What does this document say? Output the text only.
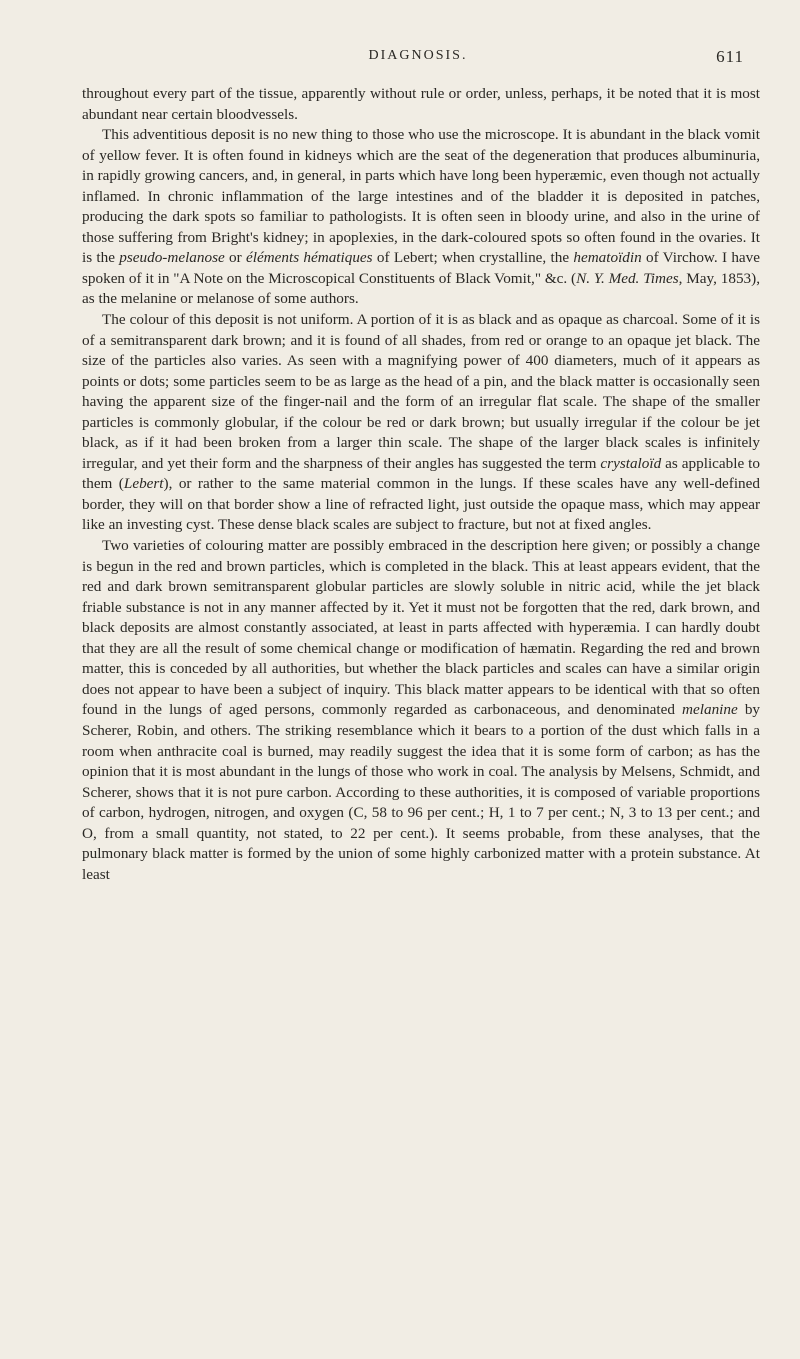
DIAGNOSIS.	611

throughout every part of the tissue, apparently without rule or order, unless, perhaps, it be noted that it is most abundant near certain bloodvessels.

This adventitious deposit is no new thing to those who use the microscope. It is abundant in the black vomit of yellow fever. It is often found in kidneys which are the seat of the degeneration that produces albuminuria, in rapidly growing cancers, and, in general, in parts which have long been hyperæmic, even though not actually inflamed. In chronic inflammation of the large intestines and of the bladder it is deposited in patches, producing the dark spots so familiar to pathologists. It is often seen in bloody urine, and also in the urine of those suffering from Bright's kidney; in apoplexies, in the dark-coloured spots so often found in the ovaries. It is the pseudo-melanose or éléments hématiques of Lebert; when crystalline, the hematoïdin of Virchow. I have spoken of it in "A Note on the Microscopical Constituents of Black Vomit," &c. (N. Y. Med. Times, May, 1853), as the melanine or melanose of some authors.

The colour of this deposit is not uniform. A portion of it is as black and as opaque as charcoal. Some of it is of a semitransparent dark brown; and it is found of all shades, from red or orange to an opaque jet black. The size of the particles also varies. As seen with a magnifying power of 400 diameters, much of it appears as points or dots; some particles seem to be as large as the head of a pin, and the black matter is occasionally seen having the apparent size of the finger-nail and the form of an irregular flat scale. The shape of the smaller particles is commonly globular, if the colour be red or dark brown; but usually irregular if the colour be jet black, as if it had been broken from a larger thin scale. The shape of the larger black scales is infinitely irregular, and yet their form and the sharpness of their angles has suggested the term crystaloïd as applicable to them (Lebert), or rather to the same material common in the lungs. If these scales have any well-defined border, they will on that border show a line of refracted light, just outside the opaque mass, which may appear like an investing cyst. These dense black scales are subject to fracture, but not at fixed angles.

Two varieties of colouring matter are possibly embraced in the description here given; or possibly a change is begun in the red and brown particles, which is completed in the black. This at least appears evident, that the red and dark brown semitransparent globular particles are slowly soluble in nitric acid, while the jet black friable substance is not in any manner affected by it. Yet it must not be forgotten that the red, dark brown, and black deposits are almost constantly associated, at least in parts affected with hyperæmia. I can hardly doubt that they are all the result of some chemical change or modification of hæmatin. Regarding the red and brown matter, this is conceded by all authorities, but whether the black particles and scales can have a similar origin does not appear to have been a subject of inquiry. This black matter appears to be identical with that so often found in the lungs of aged persons, commonly regarded as carbonaceous, and denominated melanine by Scherer, Robin, and others. The striking resemblance which it bears to a portion of the dust which falls in a room when anthracite coal is burned, may readily suggest the idea that it is some form of carbon; as has the opinion that it is most abundant in the lungs of those who work in coal. The analysis by Melsens, Schmidt, and Scherer, shows that it is not pure carbon. According to these authorities, it is composed of variable proportions of carbon, hydrogen, nitrogen, and oxygen (C, 58 to 96 per cent.; H, 1 to 7 per cent.; N, 3 to 13 per cent.; and O, from a small quantity, not stated, to 22 per cent.). It seems probable, from these analyses, that the pulmonary black matter is formed by the union of some highly carbonized matter with a protein substance. At least
